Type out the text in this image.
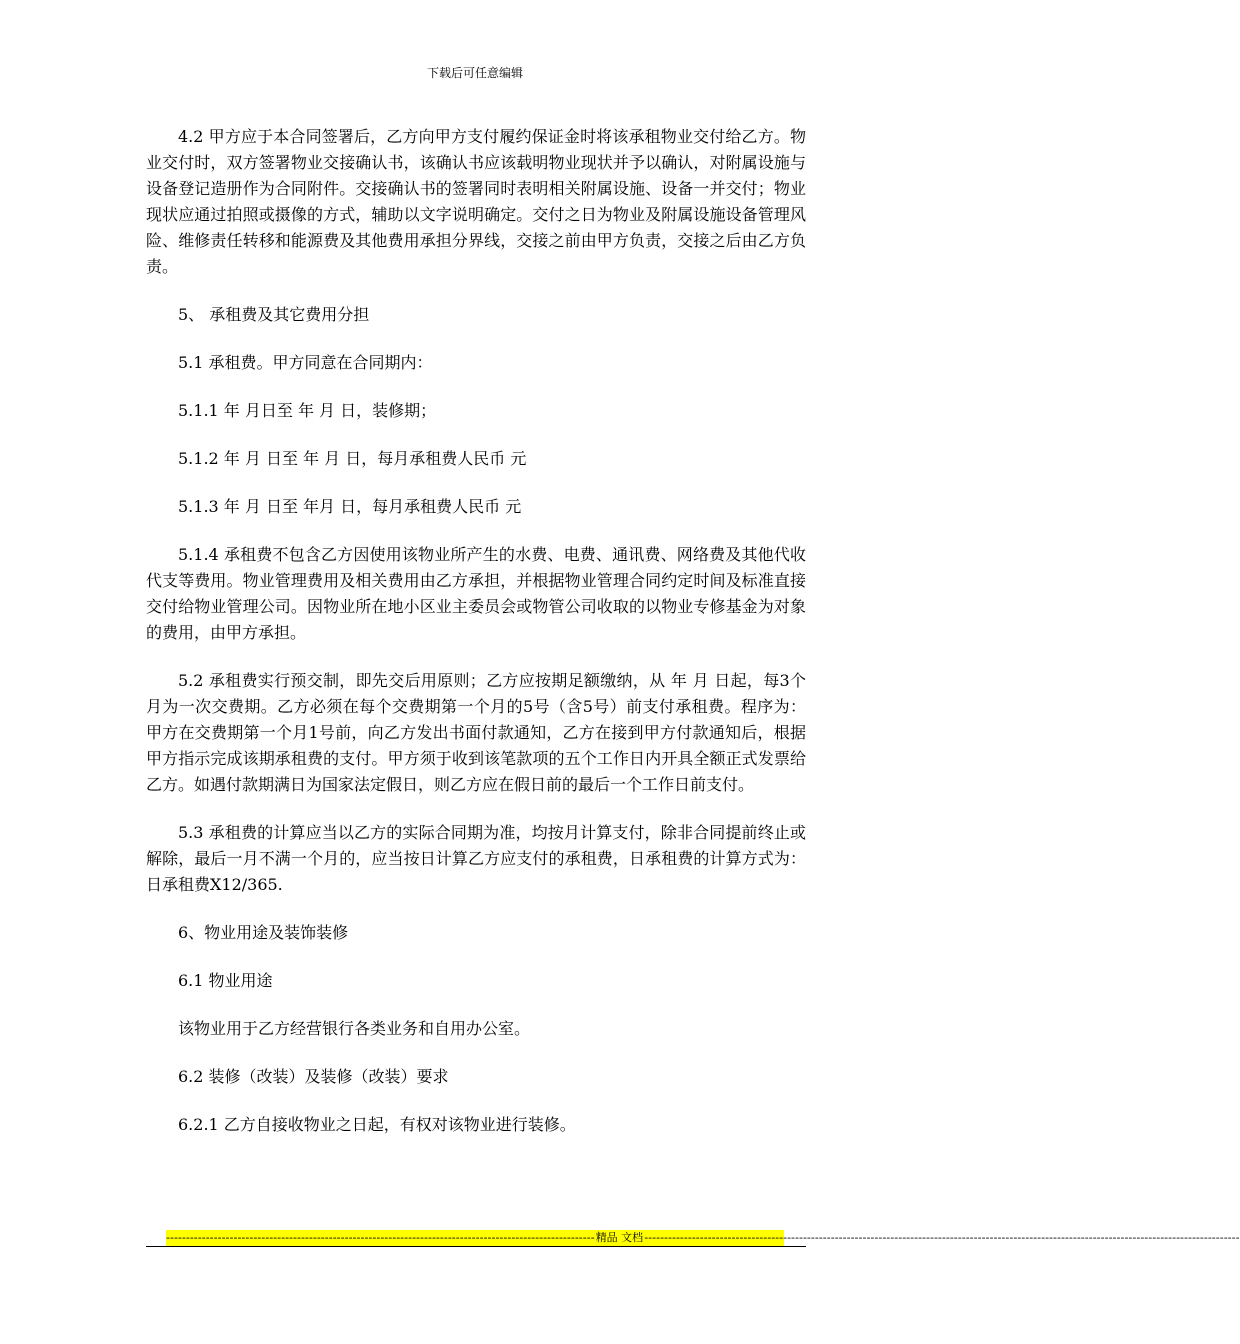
下载后可任意编辑

4.2 甲方应于本合同签署后，乙方向甲方支付履约保证金时将该承租物业交付给乙方。物业交付时，双方签署物业交接确认书，该确认书应该载明物业现状并予以确认，对附属设施与设备登记造册作为合同附件。交接确认书的签署同时表明相关附属设施、设备一并交付；物业现状应通过拍照或摄像的方式，辅助以文字说明确定。交付之日为物业及附属设施设备管理风险、维修责任转移和能源费及其他费用承担分界线，交接之前由甲方负责，交接之后由乙方负责。

5、 承租费及其它费用分担

5.1 承租费。甲方同意在合同期内：

5.1.1 年 月日至 年 月 日，装修期；

5.1.2 年 月 日至 年 月 日，每月承租费人民币 元

5.1.3 年 月 日至 年月 日，每月承租费人民币 元

5.1.4 承租费不包含乙方因使用该物业所产生的水费、电费、通讯费、网络费及其他代收代支等费用。物业管理费用及相关费用由乙方承担，并根据物业管理合同约定时间及标准直接交付给物业管理公司。因物业所在地小区业主委员会或物管公司收取的以物业专修基金为对象的费用，由甲方承担。

5.2 承租费实行预交制，即先交后用原则；乙方应按期足额缴纳，从 年 月 日起，每3个月为一次交费期。乙方必须在每个交费期第一个月的5号（含5号）前支付承租费。程序为：甲方在交费期第一个月1号前，向乙方发出书面付款通知，乙方在接到甲方付款通知后，根据甲方指示完成该期承租费的支付。甲方须于收到该笔款项的五个工作日内开具全额正式发票给乙方。如遇付款期满日为国家法定假日，则乙方应在假日前的最后一个工作日前支付。

5.3 承租费的计算应当以乙方的实际合同期为准，均按月计算支付，除非合同提前终止或解除，最后一月不满一个月的，应当按日计算乙方应支付的承租费，日承租费的计算方式为：日承租费X12/365.

6、物业用途及装饰装修

6.1 物业用途

该物业用于乙方经营银行各类业务和自用办公室。

6.2 装修（改装）及装修（改装）要求

6.2.1 乙方自接收物业之日起，有权对该物业进行装修。

------------------------------------------------------------------------------------------------------------ 精品 文档 ------------------------------------------------------------------------------------------------------------------------------------------------------
